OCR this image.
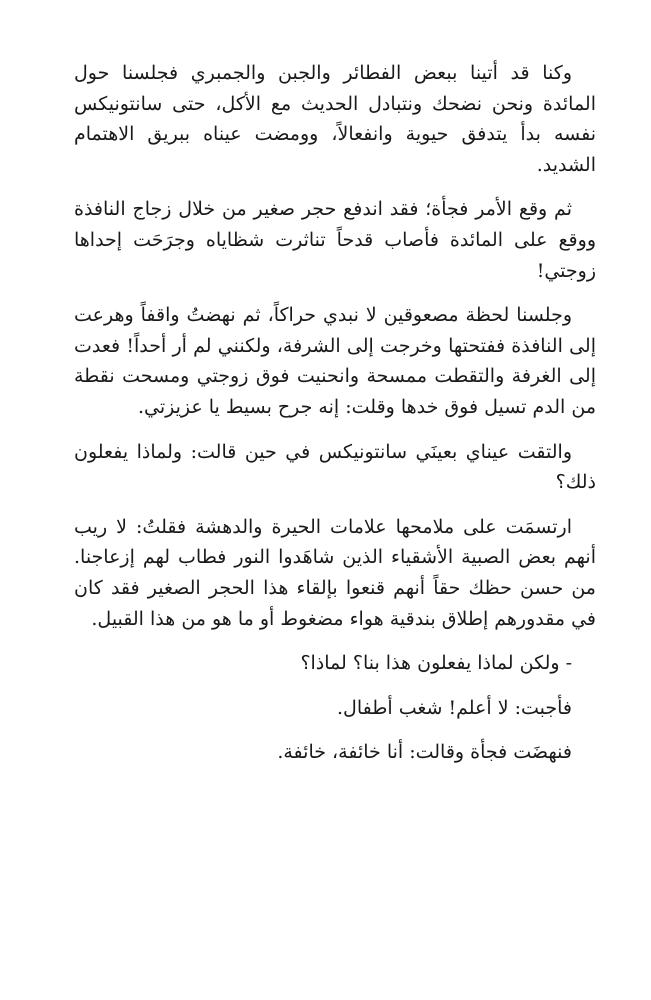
وكنا قد أتينا ببعض الفطائر والجبن والجمبري فجلسنا حول المائدة ونحن نضحك ونتبادل الحديث مع الأكل، حتى سانتونيكس نفسه بدأ يتدفق حيوية وانفعالاً، وومضت عيناه ببريق الاهتمام الشديد.

ثم وقع الأمر فجأة؛ فقد اندفع حجر صغير من خلال زجاج النافذة ووقع على المائدة فأصاب قدحاً تناثرت شظاياه وجرَحَت إحداها زوجتي!

وجلسنا لحظة مصعوقين لا نبدي حراكاً، ثم نهضتُ واقفاً وهرعت إلى النافذة ففتحتها وخرجت إلى الشرفة، ولكنني لم أر أحداً! فعدت إلى الغرفة والتقطت ممسحة وانحنيت فوق زوجتي ومسحت نقطة من الدم تسيل فوق خدها وقلت: إنه جرح بسيط يا عزيزتي.

والتقت عيناي بعينَي سانتونيكس في حين قالت: ولماذا يفعلون ذلك؟

ارتسمَت على ملامحها علامات الحيرة والدهشة فقلتُ: لا ريب أنهم بعض الصبية الأشقياء الذين شاهَدوا النور فطاب لهم إزعاجنا. من حسن حظك حقاً أنهم قنعوا بإلقاء هذا الحجر الصغير فقد كان في مقدورهم إطلاق بندقية هواء مضغوط أو ما هو من هذا القبيل.

- ولكن لماذا يفعلون هذا بنا؟ لماذا؟

فأجبت: لا أعلم! شغب أطفال.

فنهضَت فجأة وقالت: أنا خائفة، خائفة.
